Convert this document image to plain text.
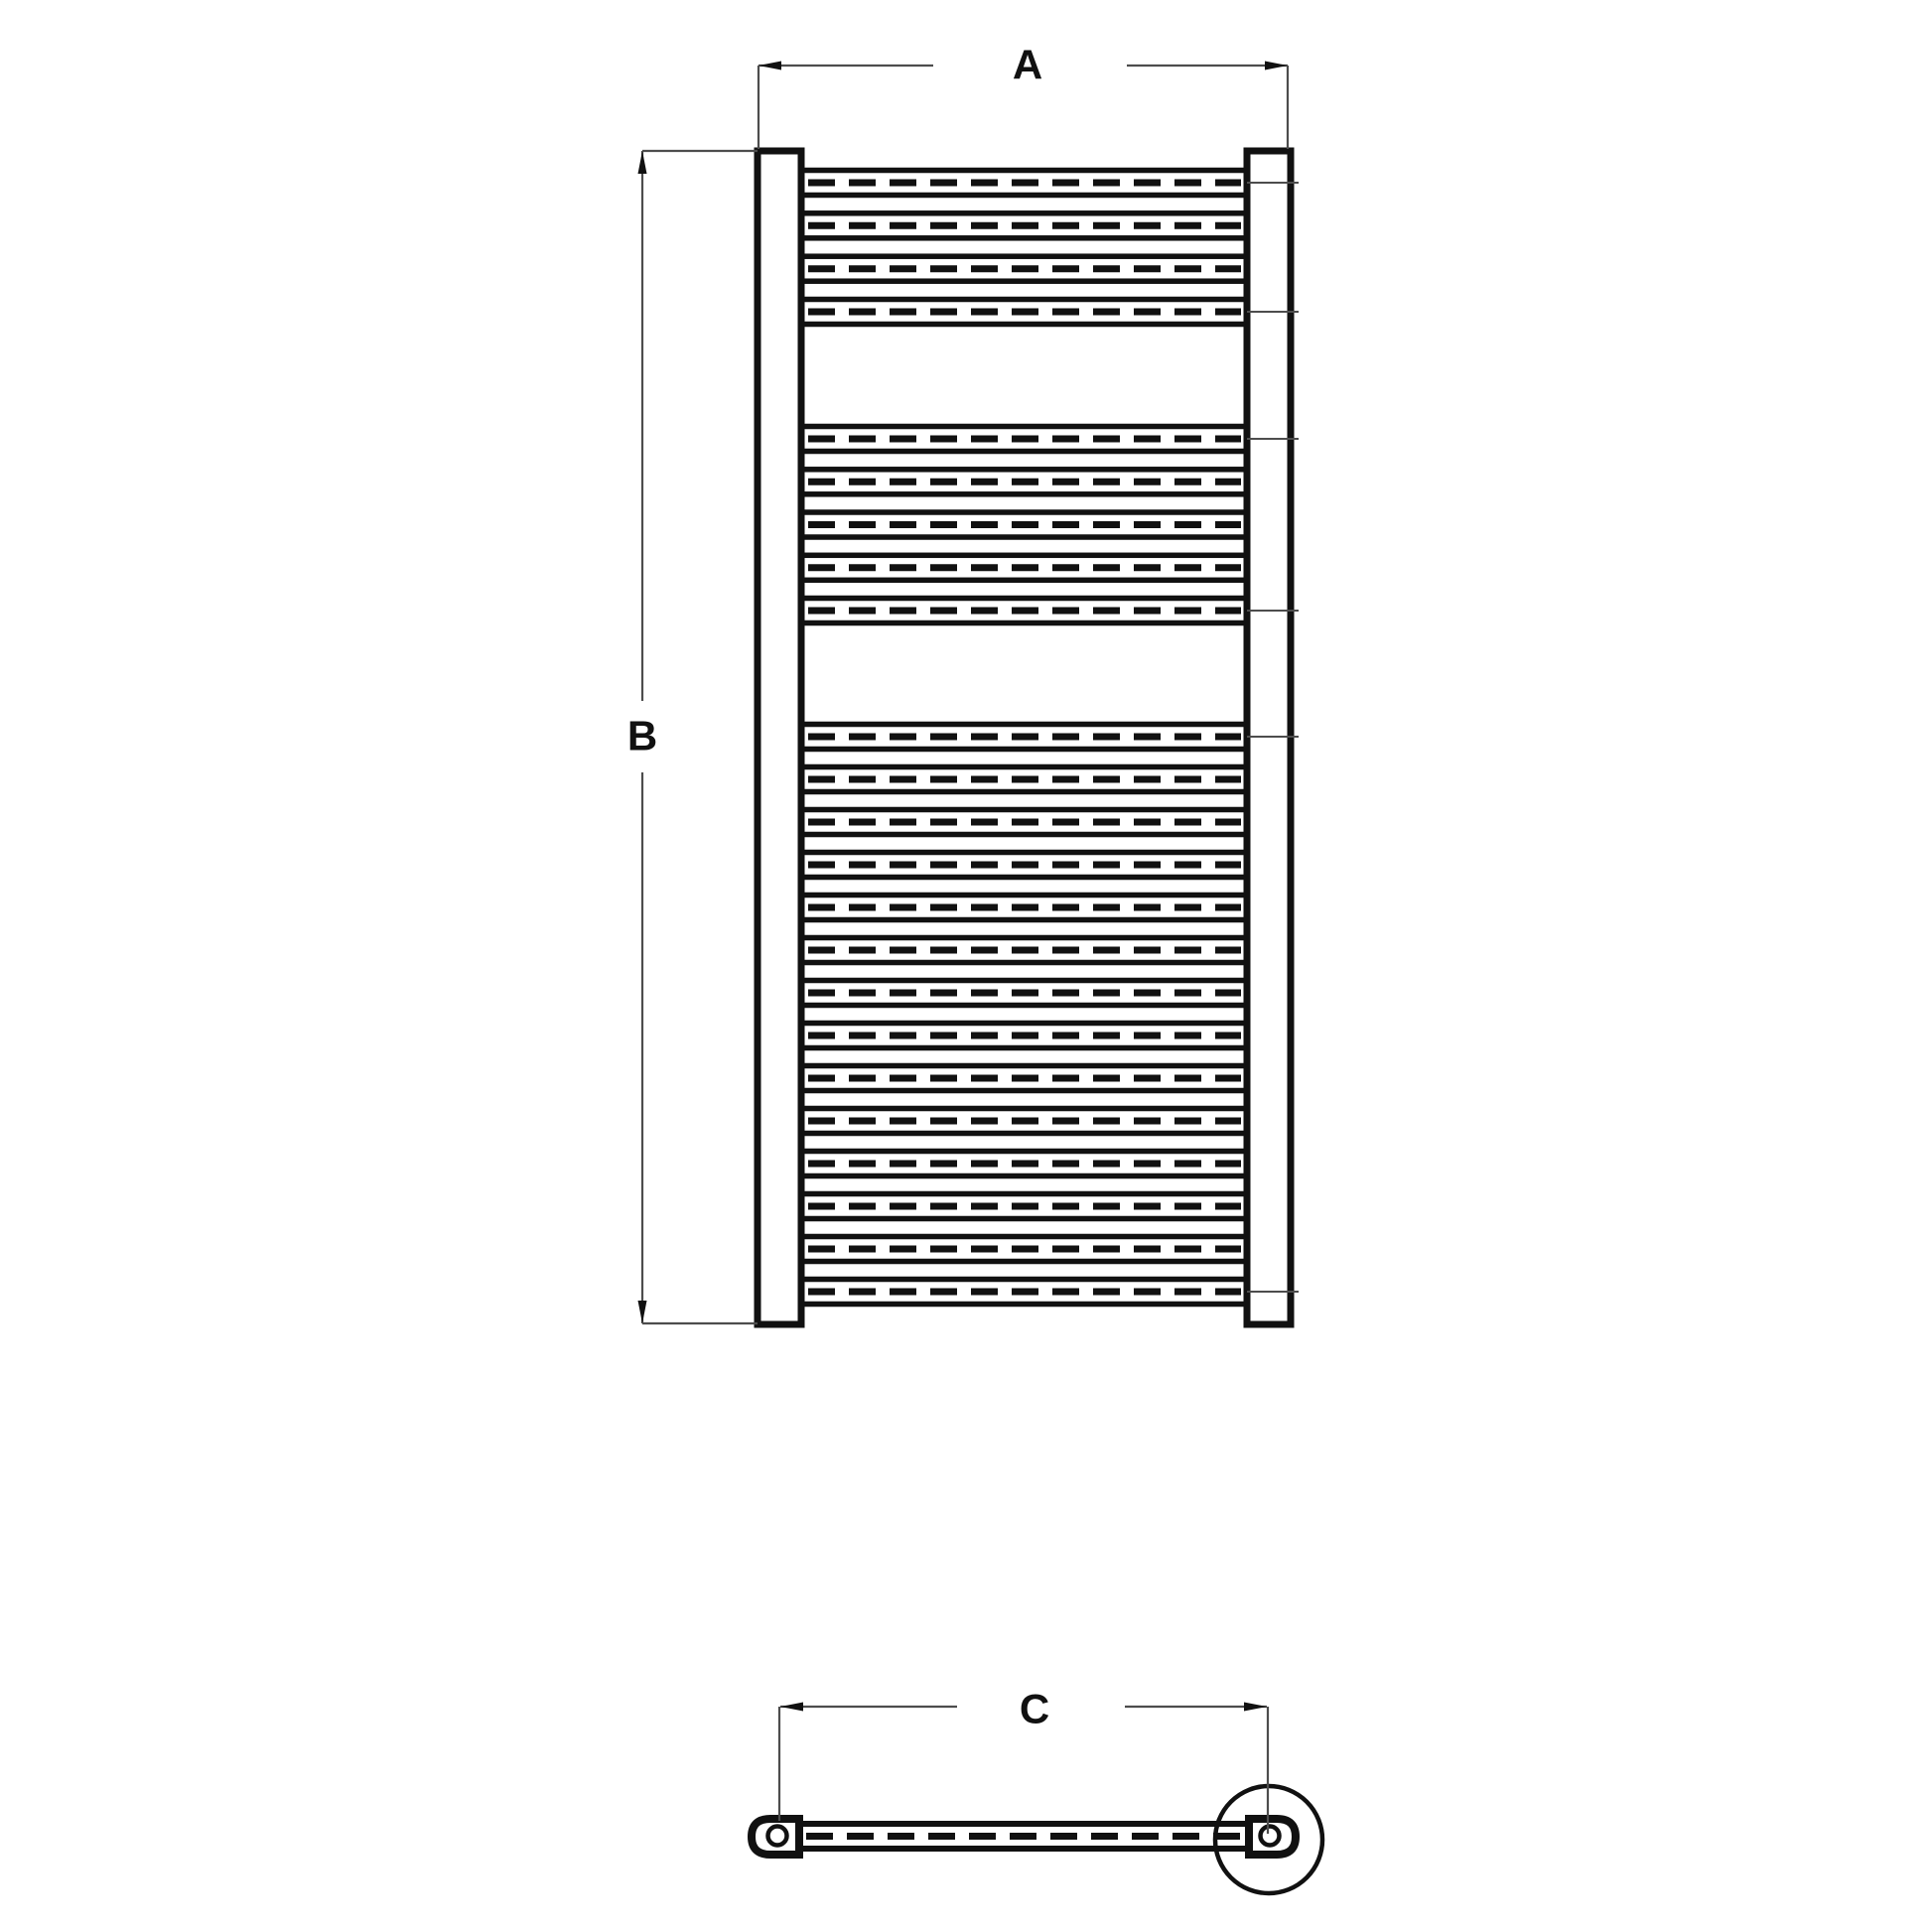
A
B
C
